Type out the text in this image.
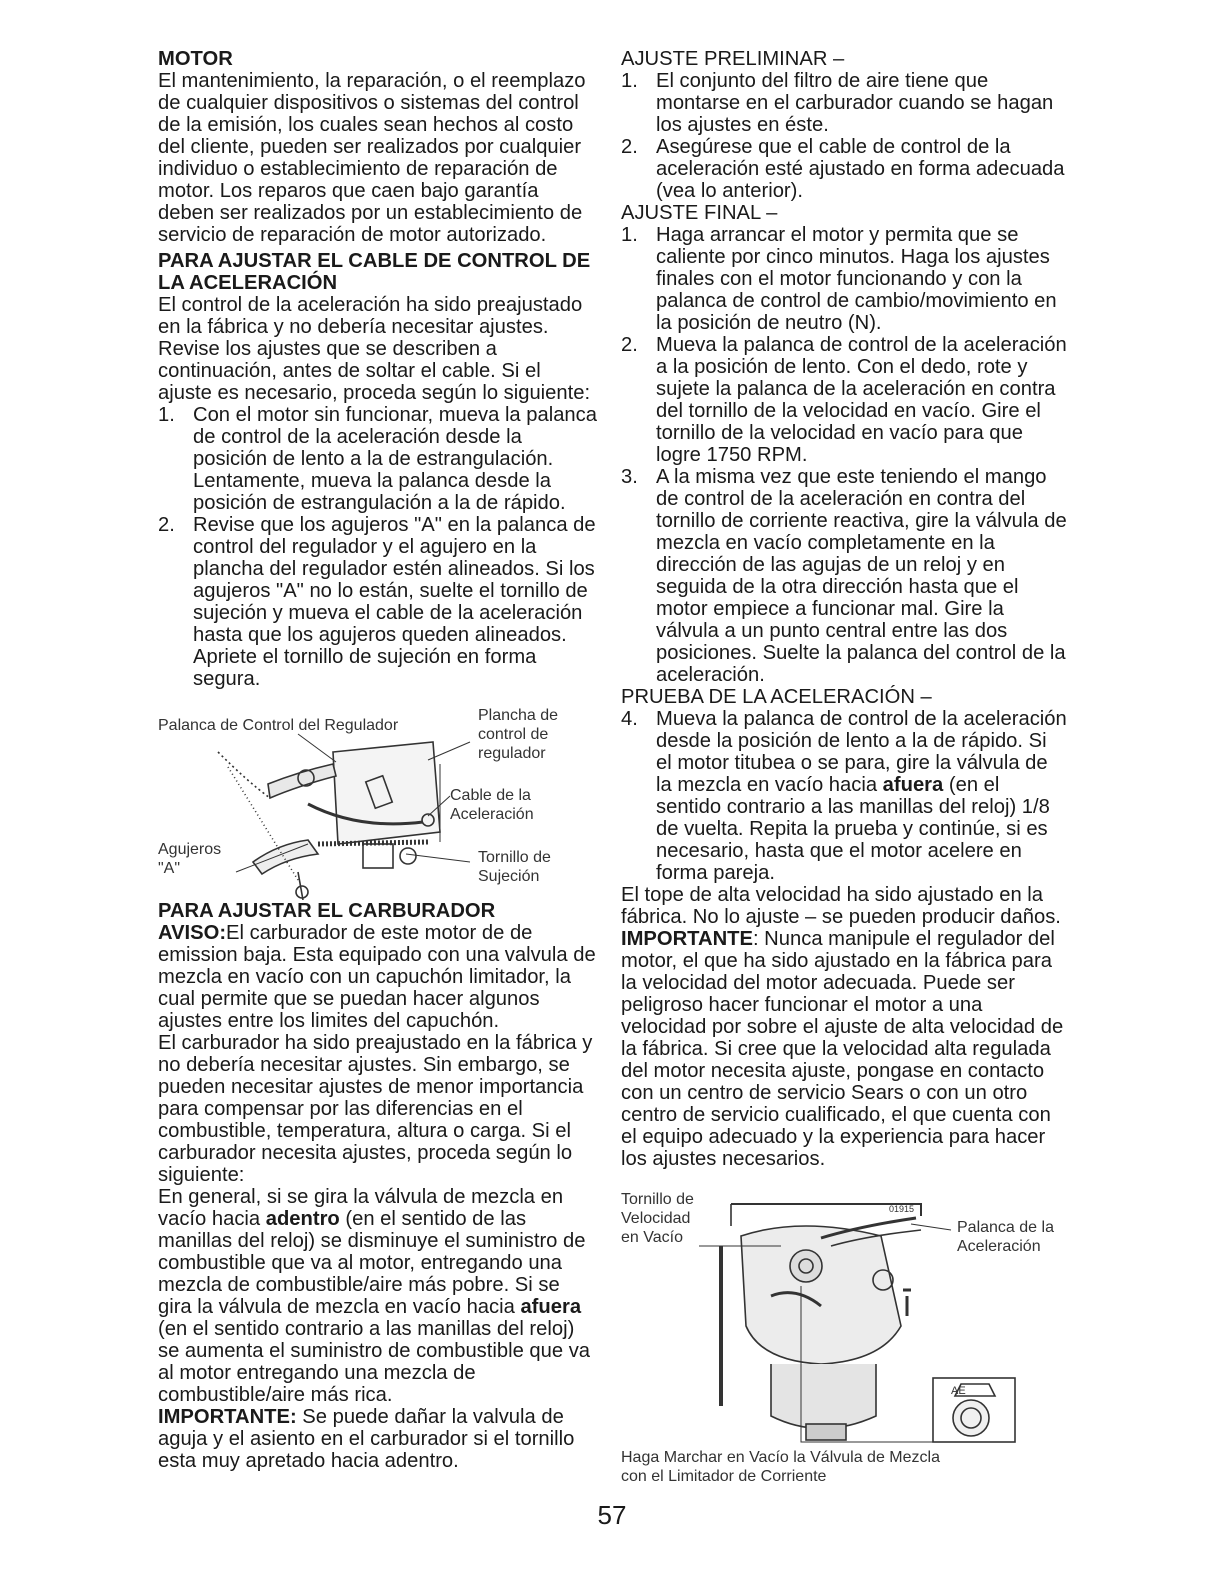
MOTOR

El mantenimiento, la reparación, o el reemplazo de cualquier dispositivos o sistemas del control de la emisión, los cuales sean hechos al costo del cliente, pueden ser realizados por cualquier individuo o establecimiento de reparación de motor. Los reparos que caen bajo garantía deben ser realizados por un establecimiento de servicio de reparación de motor autorizado.

PARA AJUSTAR EL CABLE DE CONTROL DE LA ACELERACIÓN

El control de la aceleración ha sido preajustado en la fábrica y no debería necesitar ajustes. Revise los ajustes que se describen a continuación, antes de soltar el cable. Si el ajuste es necesario, proceda según lo siguiente:

1. Con el motor sin funcionar, mueva la palanca de control de la aceleración desde la posición de lento a la de estrangulación. Lentamente, mueva la palanca desde la posición de estrangulación a la de rápido.
2. Revise que los agujeros "A" en la palanca de control del regulador y el agujero en la plancha del regulador estén alineados. Si los agujeros "A" no lo están, suelte el tornillo de sujeción y mueva el cable de la aceleración hasta que los agujeros queden alineados. Apriete el tornillo de sujeción en forma segura.
Palanca de Control del Regulador
Plancha de control de regulador
Cable de la Aceleración
Agujeros "A"
Tornillo de Sujeción
PARA AJUSTAR EL CARBURADOR

AVISO:El carburador de este motor de de emission baja. Esta equipado con una valvula de mezcla en vacío con un capuchón limitador, la cual permite que se puedan hacer algunos ajustes entre los limites del capuchón.

El carburador ha sido preajustado en la fábrica y no debería necesitar ajustes. Sin embargo, se pueden necesitar ajustes de menor importancia para compensar por las diferencias en el combustible, temperatura, altura o carga. Si el carburador necesita ajustes, proceda según lo siguiente:

En general, si se gira la válvula de mezcla en vacío hacia adentro (en el sentido de las manillas del reloj) se disminuye el suministro de combustible que va al motor, entregando una mezcla de combustible/aire más pobre. Si se gira la válvula de mezcla en vacío hacia afuera (en el sentido contrario a las manillas del reloj) se aumenta el suministro de combustible que va al motor entregando una mezcla de combustible/aire más rica.

IMPORTANTE: Se puede dañar la valvula de aguja y el asiento en el carburador si el tornillo esta muy apretado hacia adentro.

AJUSTE PRELIMINAR –

1. El conjunto del filtro de aire tiene que montarse en el carburador cuando se hagan los ajustes en éste.
2. Asegúrese que el cable de control de la aceleración esté ajustado en forma adecuada (vea lo anterior).

AJUSTE FINAL –

1. Haga arrancar el motor y permita que se caliente por cinco minutos. Haga los ajustes finales con el motor funcionando y con la palanca de control de cambio/movimiento en la posición de neutro (N).
2. Mueva la palanca de control de la aceleración a la posición de lento. Con el dedo, rote y sujete la palanca de la aceleración en contra del tornillo de la velocidad en vacío. Gire el tornillo de la velocidad en vacío para que logre 1750 RPM.
3. A la misma vez que este teniendo el mango de control de la aceleración en contra del tornillo de corriente reactiva, gire la válvula de mezcla en vacío completamente en la dirección de las agujas de un reloj y en seguida de la otra dirección hasta que el motor empiece a funcionar mal. Gire la válvula a un punto central entre las dos posiciones. Suelte la palanca del control de la aceleración.

PRUEBA DE LA ACELERACIÓN –

4. Mueva la palanca de control de la aceleración desde la posición de lento a la de rápido. Si el motor titubea o se para, gire la válvula de la mezcla en vacío hacia afuera (en el sentido contrario a las manillas del reloj) 1/8 de vuelta. Repita la prueba y continúe, si es necesario, hasta que el motor acelere en forma pareja.

El tope de alta velocidad ha sido ajustado en la fábrica. No lo ajuste – se pueden producir daños.

IMPORTANTE: Nunca manipule el regulador del motor, el que ha sido ajustado en la fábrica para la velocidad del motor adecuada. Puede ser peligroso hacer funcionar el motor a una velocidad por sobre el ajuste de alta velocidad de la fábrica. Si cree que la velocidad alta regulada del motor necesita ajuste, pongase en contacto con un centro de servicio Sears o con un otro centro de servicio cualificado, el que cuenta con el equipo adecuado y la experiencia para hacer los ajustes necesarios.

AE
01915
Tornillo de Velocidad en Vacío
Palanca de la Aceleración
Haga Marchar en Vacío la Válvula de Mezcla con el Limitador de Corriente
57
